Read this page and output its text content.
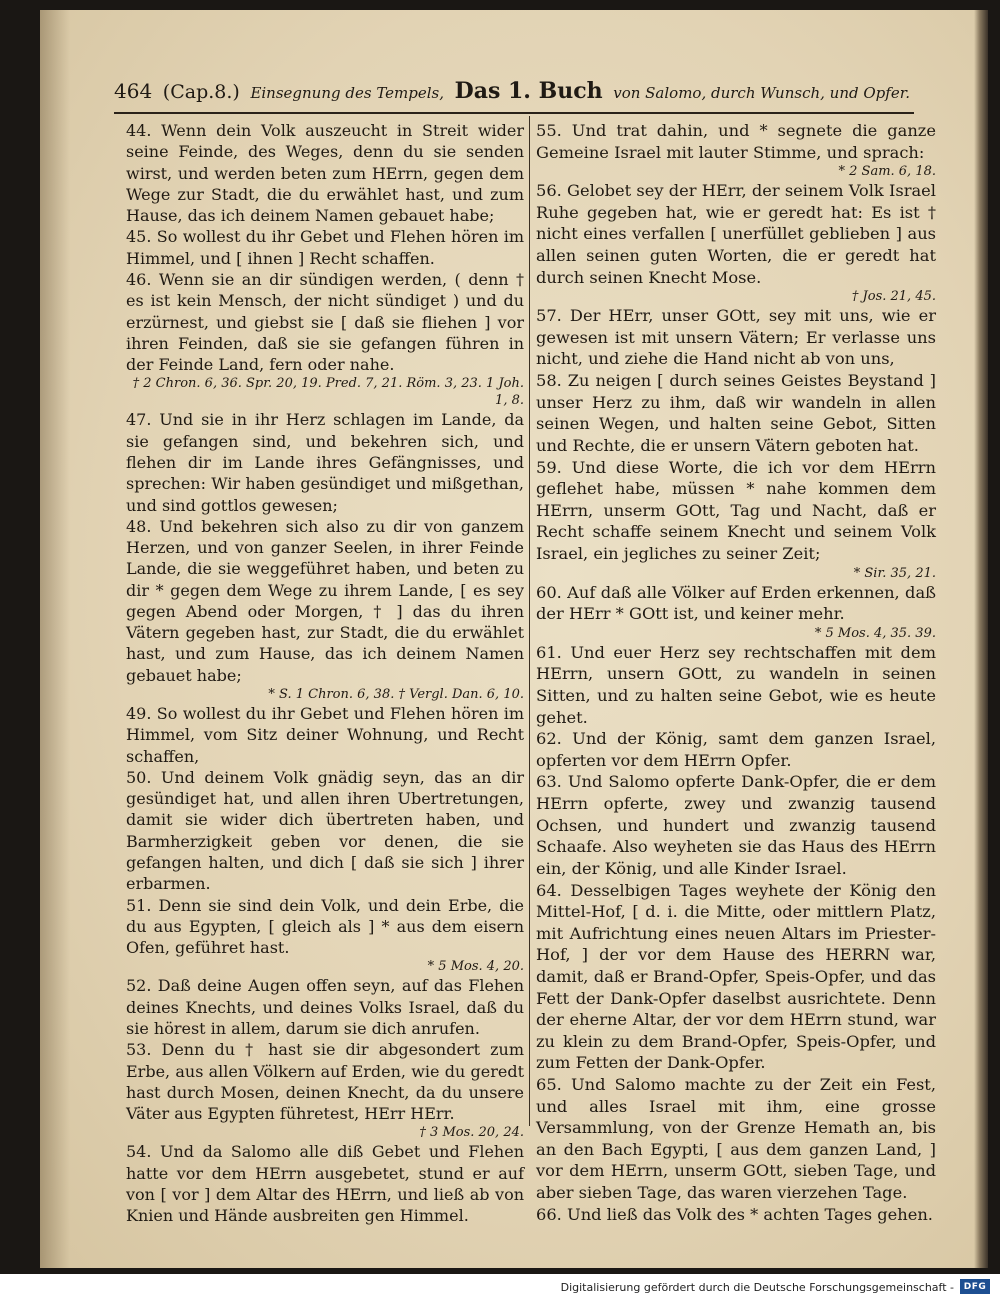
464 (Cap.8.) Einsegnung des Tempels, Das 1. Buch von Salomo, durch Wunsch, und Opfer.

44. Wenn dein Volk auszeucht in Streit wider seine Feinde, des Weges, denn du sie senden wirst, und werden beten zum HErrn, gegen dem Wege zur Stadt, die du erwählet hast, und zum Hause, das ich deinem Namen gebauet habe;

45. So wollest du ihr Gebet und Flehen hören im Himmel, und [ ihnen ] Recht schaffen.

46. Wenn sie an dir sündigen werden, ( denn † es ist kein Mensch, der nicht sündiget ) und du erzürnest, und giebst sie [ daß sie fliehen ] vor ihren Feinden, daß sie sie gefangen führen in der Feinde Land, fern oder nahe.

† 2 Chron. 6, 36. Spr. 20, 19. Pred. 7, 21. Röm. 3, 23. 1 Joh. 1, 8.

47. Und sie in ihr Herz schlagen im Lande, da sie gefangen sind, und bekehren sich, und flehen dir im Lande ihres Gefängnisses, und sprechen: Wir haben gesündiget und mißgethan, und sind gottlos gewesen;

48. Und bekehren sich also zu dir von ganzem Herzen, und von ganzer Seelen, in ihrer Feinde Lande, die sie weggeführet haben, und beten zu dir * gegen dem Wege zu ihrem Lande, [ es sey gegen Abend oder Morgen, † ] das du ihren Vätern gegeben hast, zur Stadt, die du erwählet hast, und zum Hause, das ich deinem Namen gebauet habe;

* S. 1 Chron. 6, 38. † Vergl. Dan. 6, 10.

49. So wollest du ihr Gebet und Flehen hören im Himmel, vom Sitz deiner Wohnung, und Recht schaffen,

50. Und deinem Volk gnädig seyn, das an dir gesündiget hat, und allen ihren Ubertretungen, damit sie wider dich übertreten haben, und Barmherzigkeit geben vor denen, die sie gefangen halten, und dich [ daß sie sich ] ihrer erbarmen.

51. Denn sie sind dein Volk, und dein Erbe, die du aus Egypten, [ gleich als ] * aus dem eisern Ofen, geführet hast.

* 5 Mos. 4, 20.

52. Daß deine Augen offen seyn, auf das Flehen deines Knechts, und deines Volks Israel, daß du sie hörest in allem, darum sie dich anrufen.

53. Denn du † hast sie dir abgesondert zum Erbe, aus allen Völkern auf Erden, wie du geredt hast durch Mosen, deinen Knecht, da du unsere Väter aus Egypten führetest, HErr HErr.

† 3 Mos. 20, 24.

54. Und da Salomo alle diß Gebet und Flehen hatte vor dem HErrn ausgebetet, stund er auf von [ vor ] dem Altar des HErrn, und ließ ab von Knien und Hände ausbreiten gen Himmel.

55. Und trat dahin, und * segnete die ganze Gemeine Israel mit lauter Stimme, und sprach:

* 2 Sam. 6, 18.

56. Gelobet sey der HErr, der seinem Volk Israel Ruhe gegeben hat, wie er geredt hat: Es ist † nicht eines verfallen [ unerfüllet geblieben ] aus allen seinen guten Worten, die er geredt hat durch seinen Knecht Mose.

† Jos. 21, 45.

57. Der HErr, unser GOtt, sey mit uns, wie er gewesen ist mit unsern Vätern; Er verlasse uns nicht, und ziehe die Hand nicht ab von uns,

58. Zu neigen [ durch seines Geistes Beystand ] unser Herz zu ihm, daß wir wandeln in allen seinen Wegen, und halten seine Gebot, Sitten und Rechte, die er unsern Vätern geboten hat.

59. Und diese Worte, die ich vor dem HErrn geflehet habe, müssen * nahe kommen dem HErrn, unserm GOtt, Tag und Nacht, daß er Recht schaffe seinem Knecht und seinem Volk Israel, ein jegliches zu seiner Zeit;

* Sir. 35, 21.

60. Auf daß alle Völker auf Erden erkennen, daß der HErr * GOtt ist, und keiner mehr.

* 5 Mos. 4, 35. 39.

61. Und euer Herz sey rechtschaffen mit dem HErrn, unsern GOtt, zu wandeln in seinen Sitten, und zu halten seine Gebot, wie es heute gehet.

62. Und der König, samt dem ganzen Israel, opferten vor dem HErrn Opfer.

63. Und Salomo opferte Dank-Opfer, die er dem HErrn opferte, zwey und zwanzig tausend Ochsen, und hundert und zwanzig tausend Schaafe. Also weyheten sie das Haus des HErrn ein, der König, und alle Kinder Israel.

64. Desselbigen Tages weyhete der König den Mittel-Hof, [ d. i. die Mitte, oder mittlern Platz, mit Aufrichtung eines neuen Altars im Priester-Hof, ] der vor dem Hause des HERRN war, damit, daß er Brand-Opfer, Speis-Opfer, und das Fett der Dank-Opfer daselbst ausrichtete. Denn der eherne Altar, der vor dem HErrn stund, war zu klein zu dem Brand-Opfer, Speis-Opfer, und zum Fetten der Dank-Opfer.

65. Und Salomo machte zu der Zeit ein Fest, und alles Israel mit ihm, eine grosse Versammlung, von der Grenze Hemath an, bis an den Bach Egypti, [ aus dem ganzen Land, ] vor dem HErrn, unserm GOtt, sieben Tage, und aber sieben Tage, das waren vierzehen Tage.

66. Und ließ das Volk des * achten Tages gehen.

Digitalisierung gefördert durch die Deutsche Forschungsgemeinschaft -	DFG
